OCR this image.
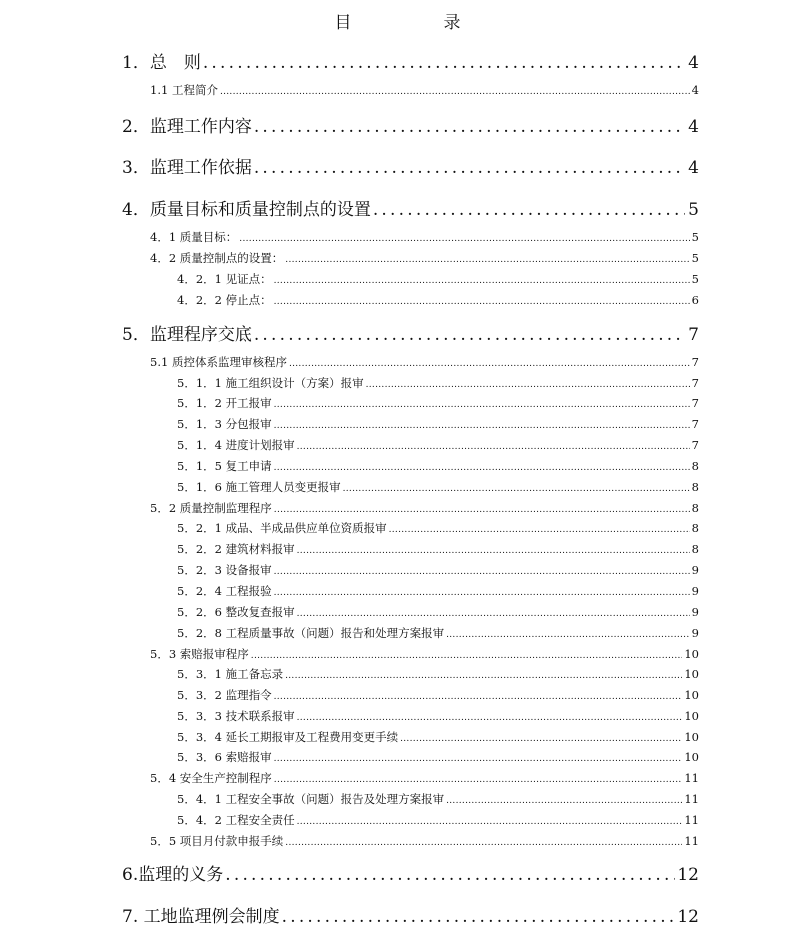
目	录
1．总　则 .....	4
1.1 工程简介 .....	4
2．监理工作内容 .....	4
3．监理工作依据 .....	4
4．质量目标和质量控制点的设置 .....	5
4．1 质量目标： .....	5
4．2 质量控制点的设置： .....	5
4．2．1 见证点： .....	5
4．2．2 停止点： .....	6
5．监理程序交底 .....	7
5.1 质控体系监理审核程序 .....	7
5．1．1 施工组织设计（方案）报审 .....	7
5．1．2 开工报审 .....	7
5．1．3 分包报审 .....	7
5．1．4 进度计划报审 .....	7
5．1．5 复工申请 .....	8
5．1．6 施工管理人员变更报审 .....	8
5．2 质量控制监理程序 .....	8
5．2．1 成品、半成品供应单位资质报审 .....	8
5．2．2 建筑材料报审 .....	8
5．2．3 设备报审 .....	9
5．2．4 工程报验 .....	9
5．2．6 整改复查报审 .....	9
5．2．8 工程质量事故（问题）报告和处理方案报审 .....	9
5．3 索赔报审程序 .....	10
5．3．1 施工备忘录 .....	10
5．3．2 监理指令 .....	10
5．3．3 技术联系报审 .....	10
5．3．4 延长工期报审及工程费用变更手续 .....	10
5．3．6 索赔报审 .....	10
5．4 安全生产控制程序 .....	11
5．4．1 工程安全事故（问题）报告及处理方案报审 .....	11
5．4．2 工程安全责任 .....	11
5．5 项目月付款申报手续 .....	11
6.监理的义务 .....	12
7. 工地监理例会制度 .....	12
